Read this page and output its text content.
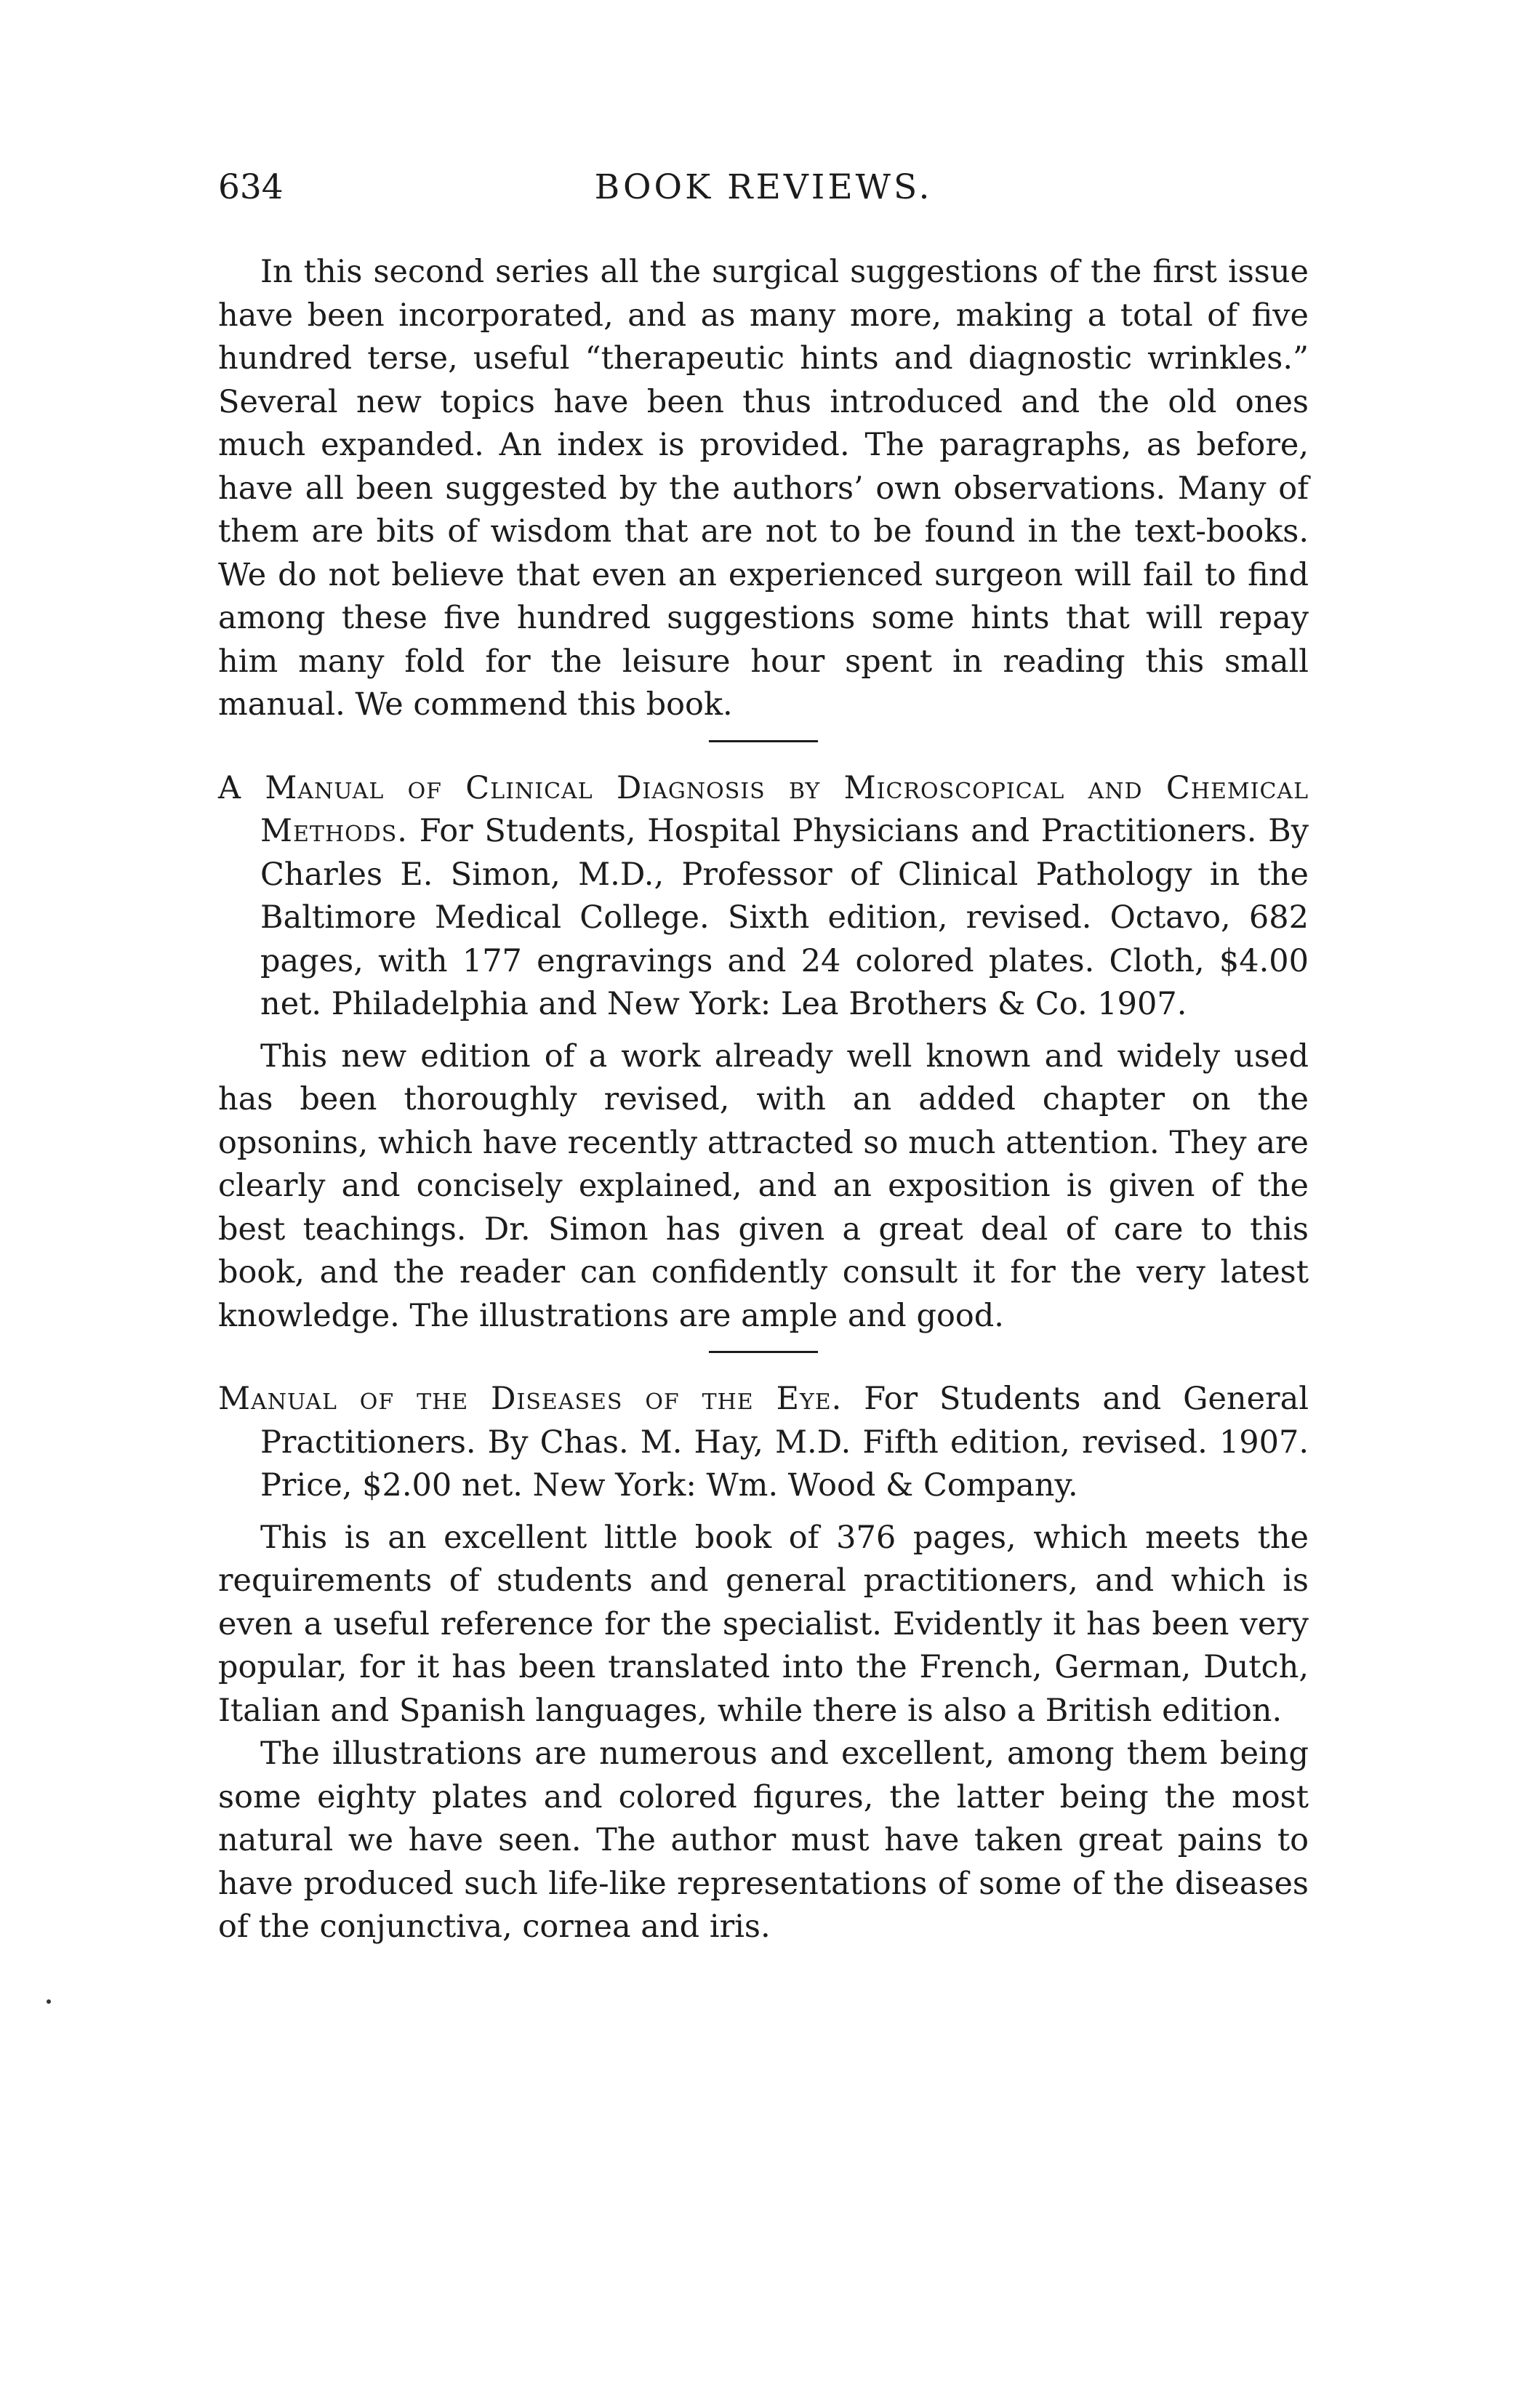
634	BOOK REVIEWS.

In this second series all the surgical suggestions of the first issue have been incorporated, and as many more, making a total of five hundred terse, useful “therapeutic hints and diagnostic wrinkles.” Several new topics have been thus introduced and the old ones much expanded. An index is provided. The paragraphs, as before, have all been suggested by the authors’ own observations. Many of them are bits of wisdom that are not to be found in the text-books. We do not believe that even an experienced surgeon will fail to find among these five hundred suggestions some hints that will repay him many fold for the leisure hour spent in reading this small manual. We commend this book.

A Manual of Clinical Diagnosis by Microscopical and Chemical Methods. For Students, Hospital Physicians and Practitioners. By Charles E. Simon, M.D., Professor of Clinical Pathology in the Baltimore Medical College. Sixth edition, revised. Octavo, 682 pages, with 177 engravings and 24 colored plates. Cloth, $4.00 net. Philadelphia and New York: Lea Brothers & Co. 1907.

This new edition of a work already well known and widely used has been thoroughly revised, with an added chapter on the opsonins, which have recently attracted so much attention. They are clearly and concisely explained, and an exposition is given of the best teachings. Dr. Simon has given a great deal of care to this book, and the reader can confidently consult it for the very latest knowledge. The illustrations are ample and good.

Manual of the Diseases of the Eye. For Students and General Practitioners. By Chas. M. Hay, M.D. Fifth edition, revised. 1907. Price, $2.00 net. New York: Wm. Wood & Company.

This is an excellent little book of 376 pages, which meets the requirements of students and general practitioners, and which is even a useful reference for the specialist. Evidently it has been very popular, for it has been translated into the French, German, Dutch, Italian and Spanish languages, while there is also a British edition.

The illustrations are numerous and excellent, among them being some eighty plates and colored figures, the latter being the most natural we have seen. The author must have taken great pains to have produced such life-like representations of some of the diseases of the conjunctiva, cornea and iris.
